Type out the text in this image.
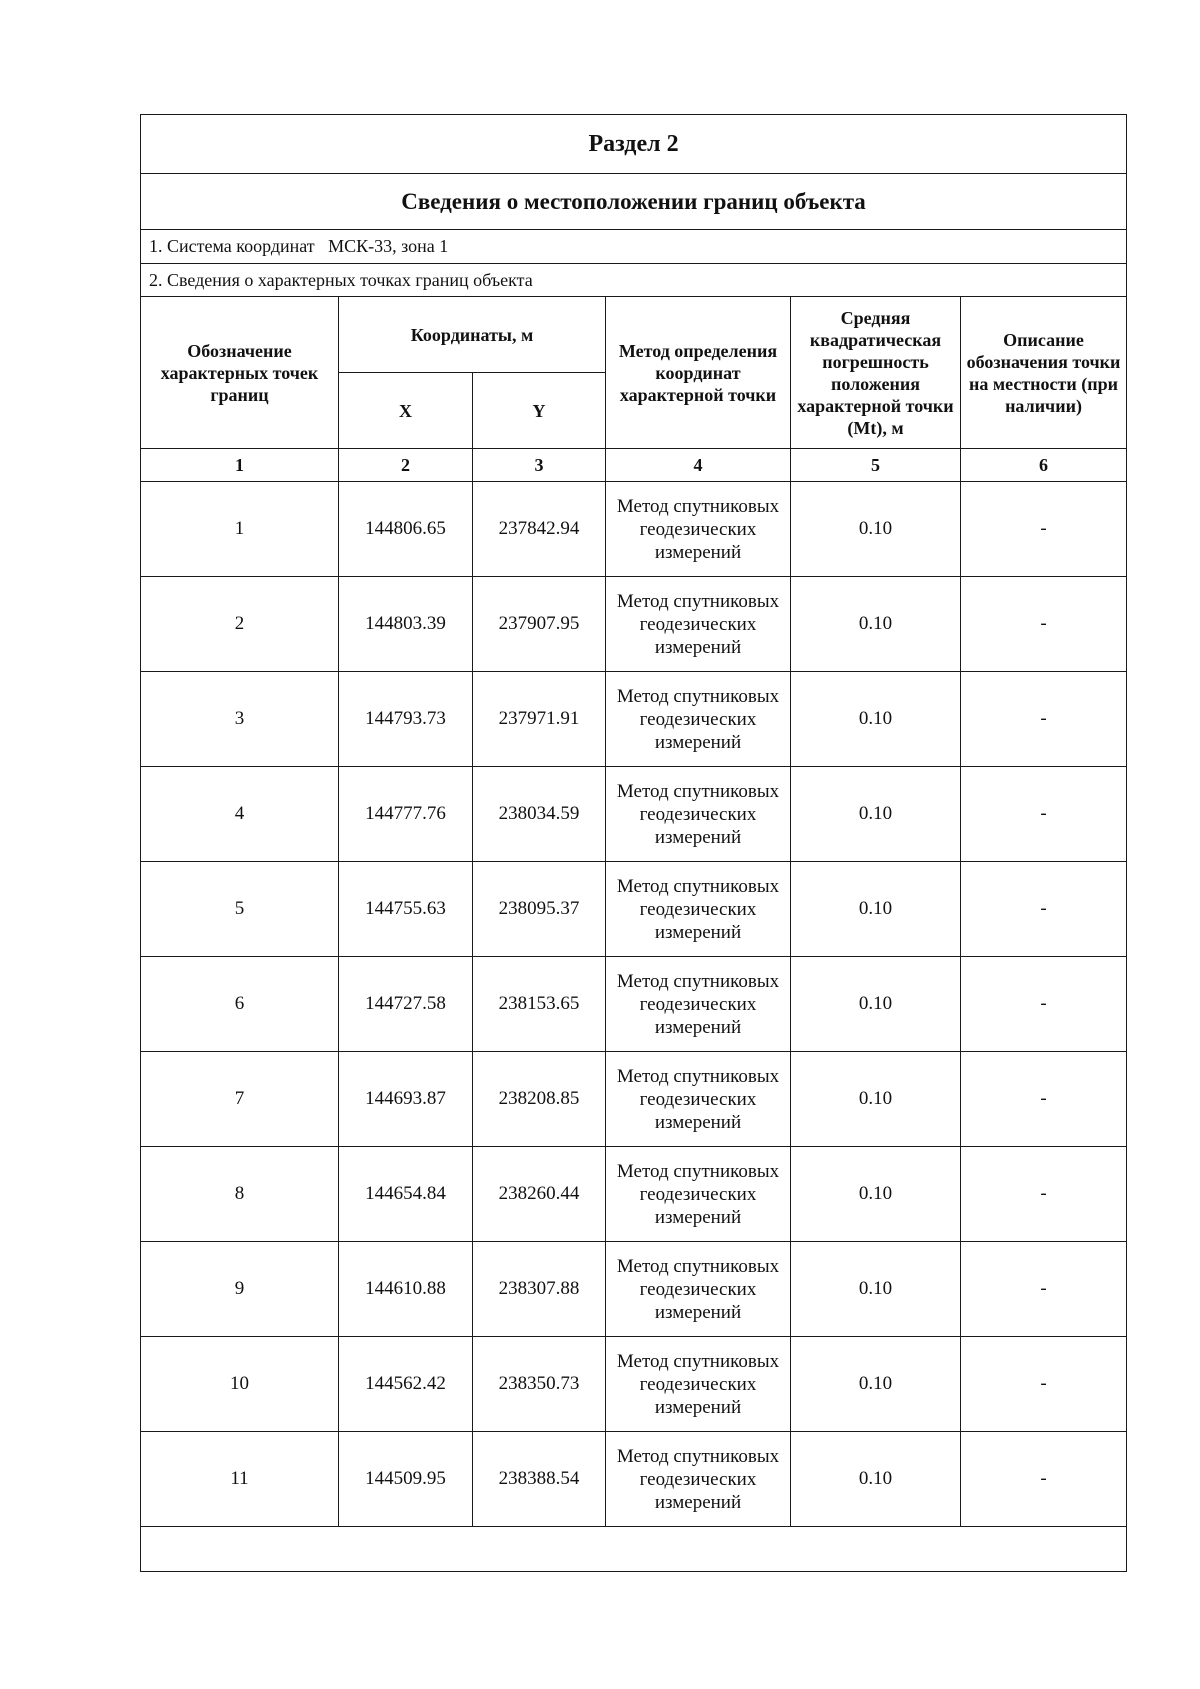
Раздел 2					
Сведения о местоположении границ объекта					
1. Система координат МСК-33, зона 1					
2. Сведения о характерных точках границ объекта					
Обозначение характерных точек границ	Координаты, м		Метод определения координат характерной точки	Средняя квадратическая погрешность положения характерной точки (Mt), м	Описание обозначения точки на местности (при наличии)
	X	Y			
1	2	3	4	5	6
1	144806.65	237842.94	Метод спутниковых геодезических измерений	0.10	-
2	144803.39	237907.95	Метод спутниковых геодезических измерений	0.10	-
3	144793.73	237971.91	Метод спутниковых геодезических измерений	0.10	-
4	144777.76	238034.59	Метод спутниковых геодезических измерений	0.10	-
5	144755.63	238095.37	Метод спутниковых геодезических измерений	0.10	-
6	144727.58	238153.65	Метод спутниковых геодезических измерений	0.10	-
7	144693.87	238208.85	Метод спутниковых геодезических измерений	0.10	-
8	144654.84	238260.44	Метод спутниковых геодезических измерений	0.10	-
9	144610.88	238307.88	Метод спутниковых геодезических измерений	0.10	-
10	144562.42	238350.73	Метод спутниковых геодезических измерений	0.10	-
11	144509.95	238388.54	Метод спутниковых геодезических измерений	0.10	-
